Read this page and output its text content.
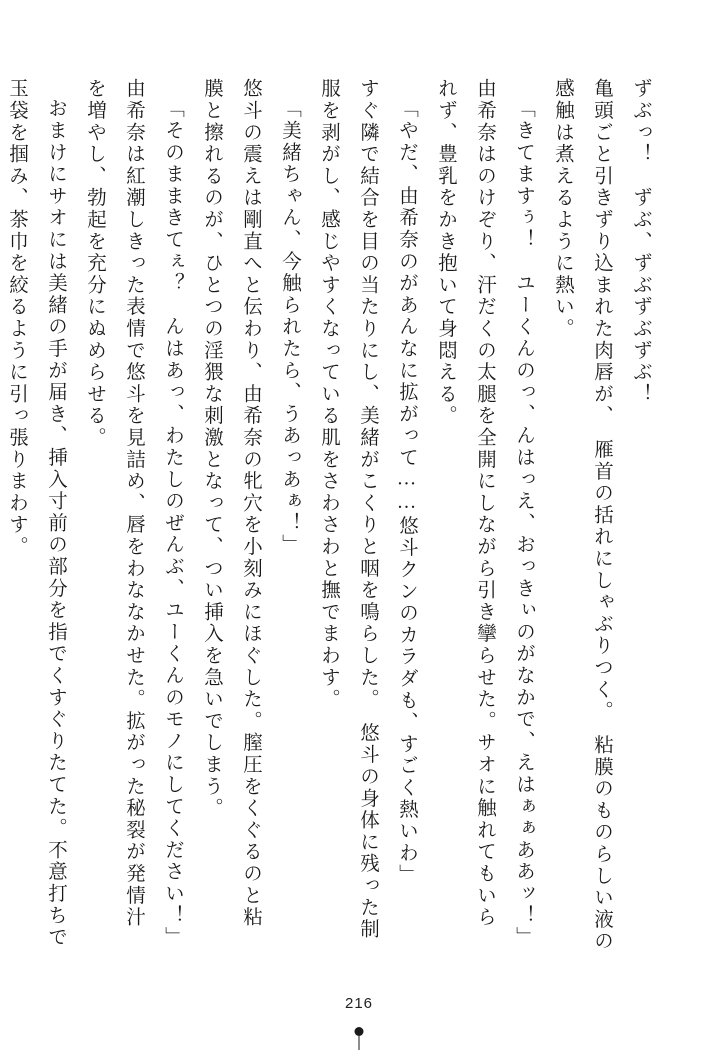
ずぶっ！　ずぶ、ずぶずぶずぶ！
亀頭ごと引きずり込まれた肉唇が、　雁首の括れにしゃぶりつく。　粘膜のものらしい液の
感触は煮えるように熱い。
「きてますぅ！　ユーくんのっ、んはっえ、おっきぃのがなかで、えはぁぁああッ！」
由希奈はのけぞり、汗だくの太腿を全開にしながら引き攣らせた。サオに触れてもいら
れず、豊乳をかき抱いて身悶える。
「やだ、由希奈のがあんなに拡がって……悠斗クンのカラダも、すごく熱いわ」
すぐ隣で結合を目の当たりにし、美緒がこくりと咽を鳴らした。　悠斗の身体に残った制
服を剥がし、感じやすくなっている肌をさわさわと撫でまわす。
「美緒ちゃん、今触られたら、うあっあぁ！」
悠斗の震えは剛直へと伝わり、由希奈の牝穴を小刻みにほぐした。膣圧をくぐるのと粘
膜と擦れるのが、ひとつの淫猥な刺激となって、つい挿入を急いでしまう。
「そのままきてぇ？　んはあっ、わたしのぜんぶ、ユーくんのモノにしてください！」
由希奈は紅潮しきった表情で悠斗を見詰め、唇をわななかせた。拡がった秘裂が発情汁
を増やし、勃起を充分にぬめらせる。
おまけにサオには美緒の手が届き、挿入寸前の部分を指でくすぐりたてた。不意打ちで
玉袋を掴み、茶巾を絞るように引っ張りまわす。
216
